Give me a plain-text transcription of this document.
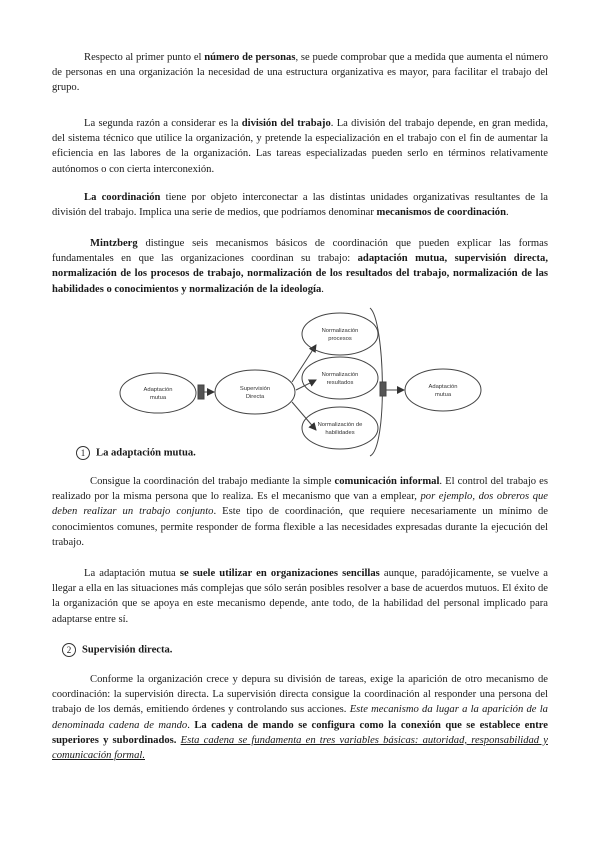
Respecto al primer punto el número de personas, se puede comprobar que a medida que aumenta el número de personas en una organización la necesidad de una estructura organizativa es mayor, para facilitar el trabajo del grupo.

La segunda razón a considerar es la división del trabajo. La división del trabajo depende, en gran medida, del sistema técnico que utilice la organización, y pretende la especialización en el trabajo con el fin de aumentar la eficiencia en las labores de la organización. Las tareas especializadas pueden serlo en términos relativamente autónomos o con cierta interconexión.

La coordinación tiene por objeto interconectar a las distintas unidades organizativas resultantes de la división del trabajo. Implica una serie de medios, que podríamos denominar mecanismos de coordinación.

Mintzberg distingue seis mecanismos básicos de coordinación que pueden explicar las formas fundamentales en que las organizaciones coordinan su trabajo: adaptación mutua, supervisión directa, normalización de los procesos de trabajo, normalización de los resultados del trabajo, normalización de las habilidades o conocimientos y normalización de la ideología.

Adaptación
mutua
Supervisión
Directa
Normalización
procesos
Normalización
resultados
Normalización de
habilidades
Adaptación
mutua
1 La adaptación mutua.

Consigue la coordinación del trabajo mediante la simple comunicación informal. El control del trabajo es realizado por la misma persona que lo realiza. Es el mecanismo que van a emplear, por ejemplo, dos obreros que deben realizar un trabajo conjunto. Este tipo de coordinación, que requiere necesariamente un mínimo de conocimientos comunes, permite responder de forma flexible a las necesidades expresadas durante la ejecución del trabajo.

La adaptación mutua se suele utilizar en organizaciones sencillas aunque, paradójicamente, se vuelve a llegar a ella en las situaciones más complejas que sólo serán posibles resolver a base de acuerdos mutuos. El éxito de la organización que se apoya en este mecanismo depende, ante todo, de la habilidad del personal implicado para adaptarse entre sí.

2 Supervisión directa.

Conforme la organización crece y depura su división de tareas, exige la aparición de otro mecanismo de coordinación: la supervisión directa. La supervisión directa consigue la coordinación al responder una persona del trabajo de los demás, emitiendo órdenes y controlando sus acciones. Este mecanismo da lugar a la aparición de la denominada cadena de mando. La cadena de mando se configura como la conexión que se establece entre superiores y subordinados. Esta cadena se fundamenta en tres variables básicas: autoridad, responsabilidad y comunicación formal.
